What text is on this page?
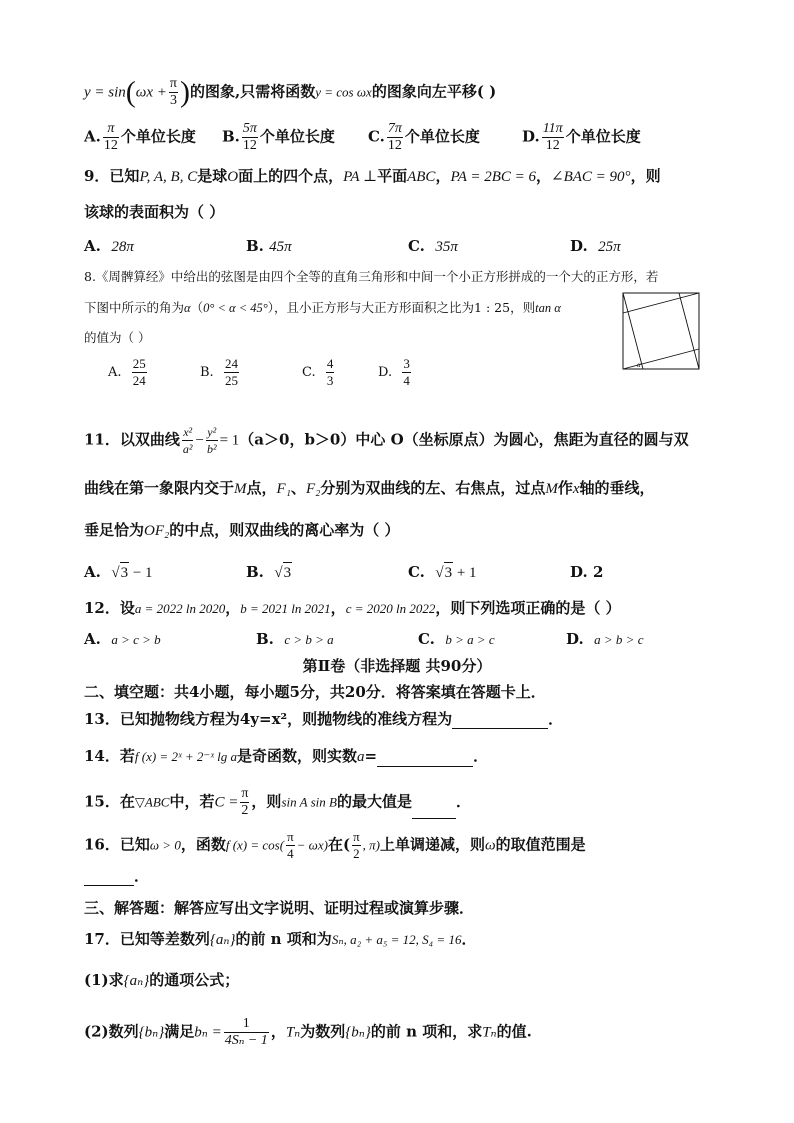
$y = \sin(\omega x + \frac{\pi}{3}$ )的图象,只需将函数y = cos ωx的图象向左平移( )
A. $\frac{\pi}{12}$ 个单位长度 B. $\frac{5\pi}{12}$ 个单位长度 C. $\frac{7\pi}{12}$ 个单位长度	D. $\frac{11\pi}{12}$ 个单位长度
9．已知P, A, B, C是球O面上的四个点，PA ⊥平面ABC，PA = 2BC = 6，∠BAC = 90°，则
该球的表面积为（ ）
A. 28π	B. 45π	C. 35π	D. 25π
8.《周髀算经》中给出的弦图是由四个全等的直角三角形和中间一个小正方形拼成的一个大的正方形，若
下图中所示的角为α（0° < α < 45°），且小正方形与大正方形面积之比为1 : 25，则tan α
的值为（ ）
α
A. $\frac{25}{24}$	B. $\frac{24}{25}$	C. $\frac{4}{3}$	D. $\frac{3}{4}$
11．以双曲线 $\frac{\text{x²}}{\text{a²}} - \frac{\text{y²}}{\text{b²}} = 1(a>0$，b＞0）中心 O（坐标原点）为圆心，焦距为直径的圆与双
曲线在第一象限内交于M点，F₁、F₂分别为双曲线的左、右焦点，过点M作x轴的垂线，
垂足恰为OF₂的中点，则双曲线的离心率为（ ）
A. √3 − 1	B. √3	C. √3 + 1	D. 2
12．设a = 2022 ln 2020，b = 2021 ln 2021，c = 2020 ln 2022，则下列选项正确的是（ ）
A. a > c > b	B. c > b > a	C. b > a > c	D. a > b > c
第Ⅱ卷（非选择题 共90分）
二、填空题：共4小题，每小题5分，共20分．将答案填在答题卡上．
13．已知抛物线方程为4y=x²，则抛物线的准线方程为	．
14．若f (x) = 2ˣ + 2⁻ˣ lg a是奇函数，则实数a=	．
15．在▽ABC中，若$C = \frac{\pi}{2}$ ，则sin A sin B的最大值是	．
16．已知ω > 0，函数f $(x) = \cos( \frac{\pi}{4} - \omega x)$在( $\frac{\pi}{2}$ , π)上单调递减，则ω的取值范围是
．
三、解答题：解答应写出文字说明、证明过程或演算步骤．
17．已知等差数列{aₙ}的前 n 项和为Sₙ, a₂ + a₅ = 12, S₄ = 16．
(1)求{aₙ}的通项公式；
(2)数列{bₙ}满足$b_n = \frac{1}{\text{4Sₙ − 1}}$ ，Tₙ为数列{bₙ}的前 n 项和，求Tₙ的值.
